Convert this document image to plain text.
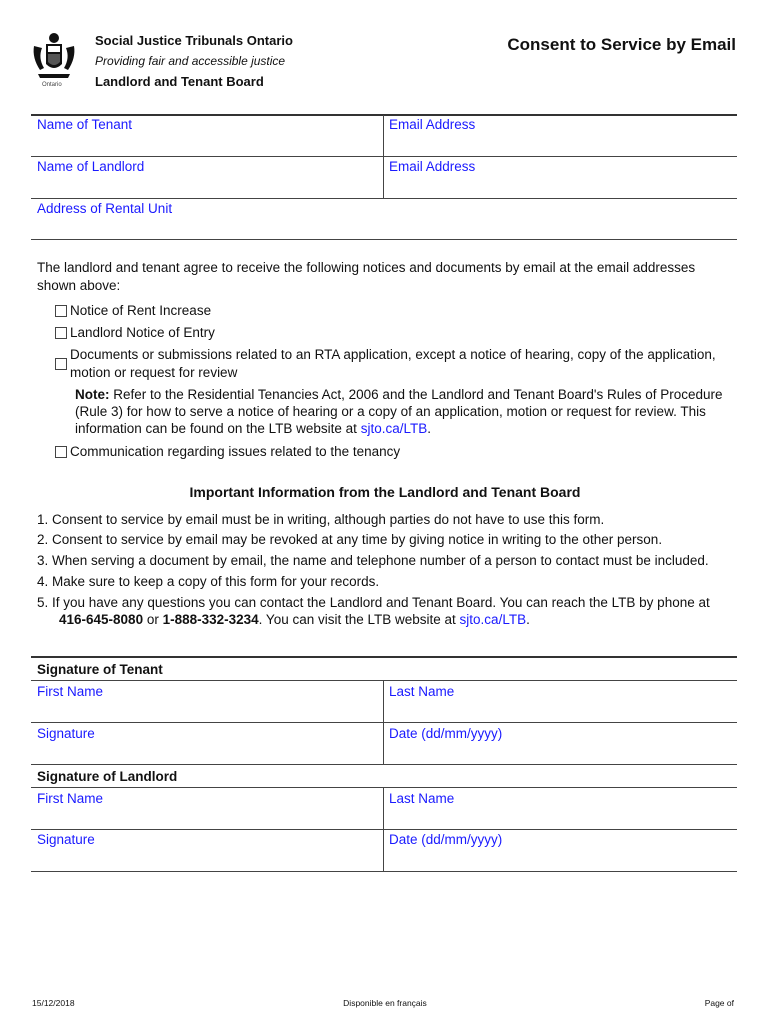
Ontario
Social Justice Tribunals Ontario
Providing fair and accessible justice
Landlord and Tenant Board
Consent to Service by Email
Name of Tenant	Email Address
Name of Landlord	Email Address
Address of Rental Unit
The landlord and tenant agree to receive the following notices and documents by email at the email addresses shown above:
Notice of Rent Increase
Landlord Notice of Entry
Documents or submissions related to an RTA application, except a notice of hearing, copy of the application, motion or request for review
Note: Refer to the Residential Tenancies Act, 2006 and the Landlord and Tenant Board's Rules of Procedure (Rule 3) for how to serve a notice of hearing or a copy of an application, motion or request for review. This information can be found on the LTB website at sjto.ca/LTB.
Communication regarding issues related to the tenancy
Important Information from the Landlord and Tenant Board
1. Consent to service by email must be in writing, although parties do not have to use this form.
2. Consent to service by email may be revoked at any time by giving notice in writing to the other person.
3. When serving a document by email, the name and telephone number of a person to contact must be included.
4. Make sure to keep a copy of this form for your records.
5. If you have any questions you can contact the Landlord and Tenant Board. You can reach the LTB by phone at
416-645-8080 or 1-888-332-3234. You can visit the LTB website at sjto.ca/LTB.
Signature of Tenant
First Name	Last Name
Signature	Date (dd/mm/yyyy)
Signature of Landlord
First Name	Last Name
Signature	Date (dd/mm/yyyy)
15/12/2018	Disponible en français	Page of
